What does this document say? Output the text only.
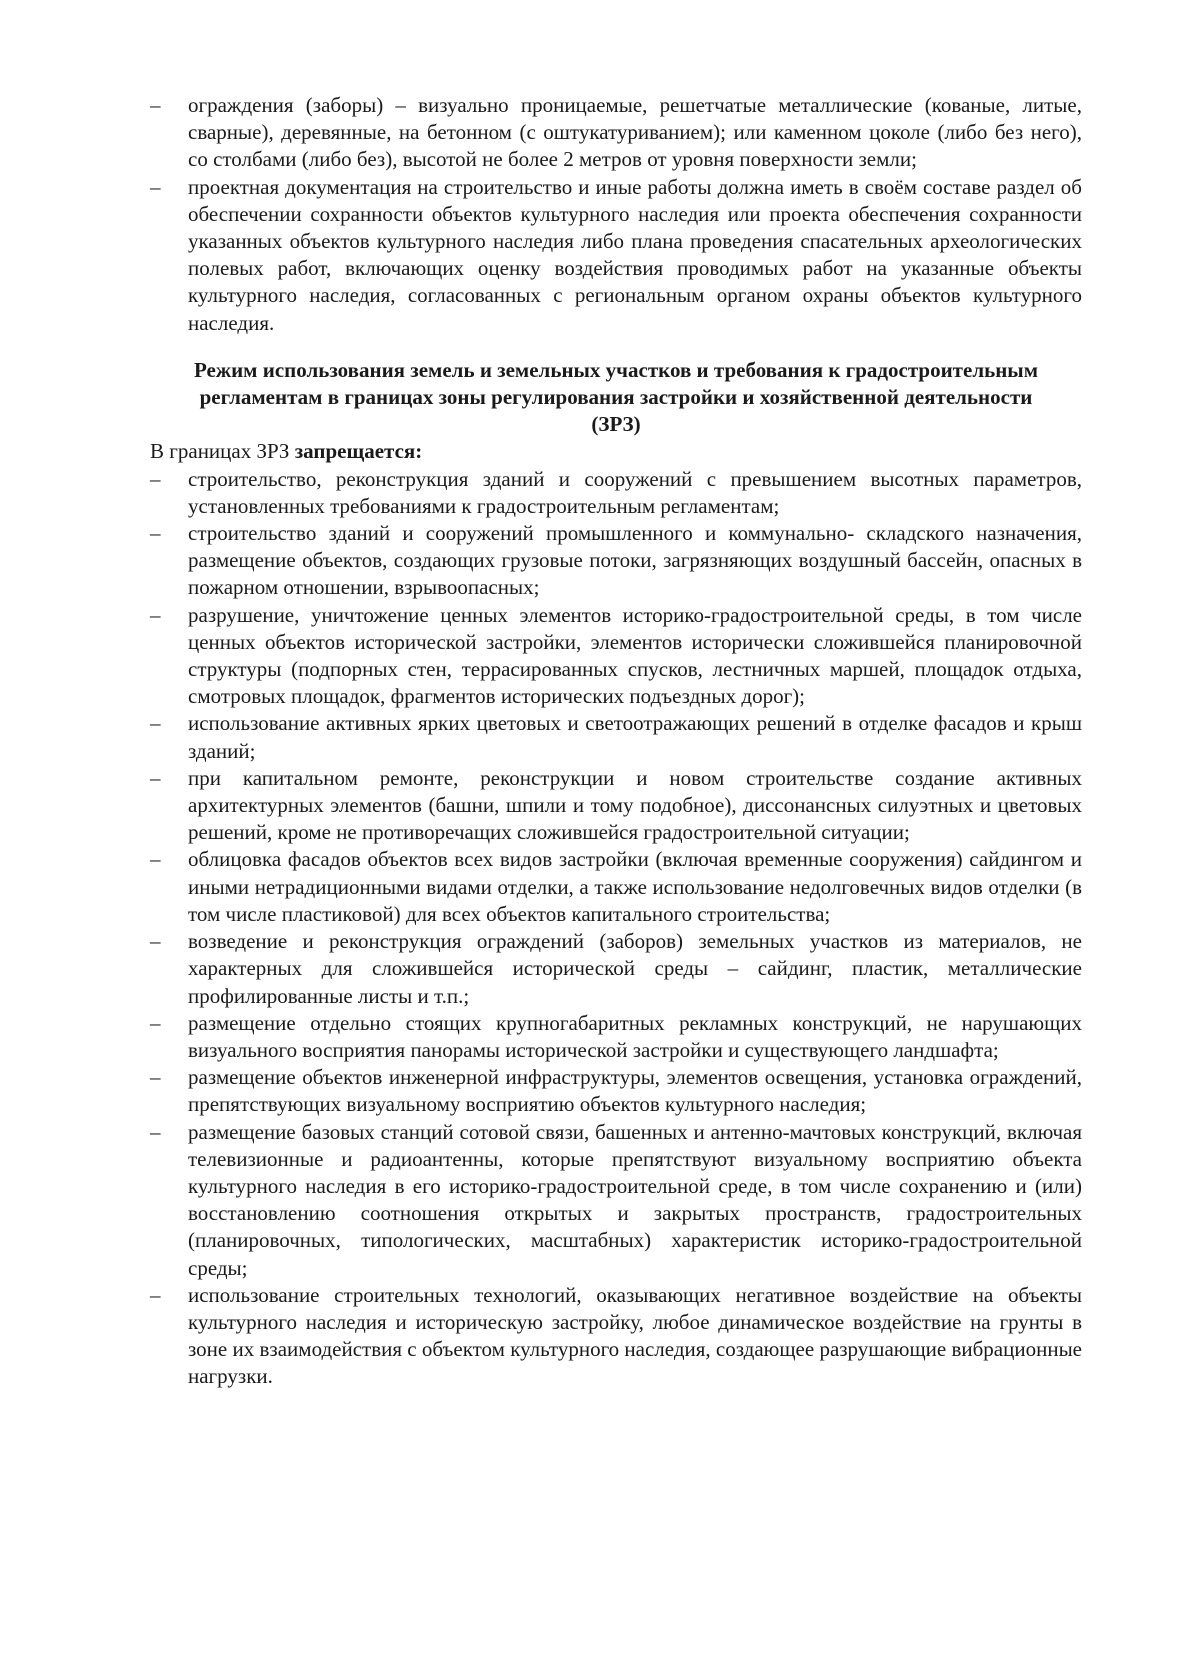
–	ограждения (заборы) – визуально проницаемые, решетчатые металлические (кованые, литые, сварные), деревянные, на бетонном (с оштукатуриванием); или каменном цоколе (либо без него), со столбами (либо без), высотой не более 2 метров от уровня поверхности земли;
–	проектная документация на строительство и иные работы должна иметь в своём составе раздел об обеспечении сохранности объектов культурного наследия или проекта обеспечения сохранности указанных объектов культурного наследия либо плана проведения спасательных археологических полевых работ, включающих оценку воздействия проводимых работ на указанные объекты культурного наследия, согласованных с региональным органом охраны объектов культурного наследия.
Режим использования земель и земельных участков и требования к градостроительным регламентам в границах зоны регулирования застройки и хозяйственной деятельности (ЗРЗ)

В границах ЗРЗ запрещается:

–	строительство, реконструкция зданий и сооружений с превышением высотных параметров, установленных требованиями к градостроительным регламентам;
–	строительство зданий и сооружений промышленного и коммунально- складского назначения, размещение объектов, создающих грузовые потоки, загрязняющих воздушный бассейн, опасных в пожарном отношении, взрывоопасных;
–	разрушение, уничтожение ценных элементов историко-градостроительной среды, в том числе ценных объектов исторической застройки, элементов исторически сложившейся планировочной структуры (подпорных стен, террасированных спусков, лестничных маршей, площадок отдыха, смотровых площадок, фрагментов исторических подъездных дорог);
–	использование активных ярких цветовых и светоотражающих решений в отделке фасадов и крыш зданий;
–	при капитальном ремонте, реконструкции и новом строительстве создание активных архитектурных элементов (башни, шпили и тому подобное), диссонансных силуэтных и цветовых решений, кроме не противоречащих сложившейся градостроительной ситуации;
–	облицовка фасадов объектов всех видов застройки (включая временные сооружения) сайдингом и иными нетрадиционными видами отделки, а также использование недолговечных видов отделки (в том числе пластиковой) для всех объектов капитального строительства;
–	возведение и реконструкция ограждений (заборов) земельных участков из материалов, не характерных для сложившейся исторической среды – сайдинг, пластик, металлические профилированные листы и т.п.;
–	размещение отдельно стоящих крупногабаритных рекламных конструкций, не нарушающих визуального восприятия панорамы исторической застройки и существующего ландшафта;
–	размещение объектов инженерной инфраструктуры, элементов освещения, установка ограждений, препятствующих визуальному восприятию объектов культурного наследия;
–	размещение базовых станций сотовой связи, башенных и антенно-мачтовых конструкций, включая телевизионные и радиоантенны, которые препятствуют визуальному восприятию объекта культурного наследия в его историко-градостроительной среде, в том числе сохранению и (или) восстановлению соотношения открытых и закрытых пространств, градостроительных (планировочных, типологических, масштабных) характеристик историко-градостроительной среды;
–	использование строительных технологий, оказывающих негативное воздействие на объекты культурного наследия и историческую застройку, любое динамическое воздействие на грунты в зоне их взаимодействия с объектом культурного наследия, создающее разрушающие вибрационные нагрузки.
